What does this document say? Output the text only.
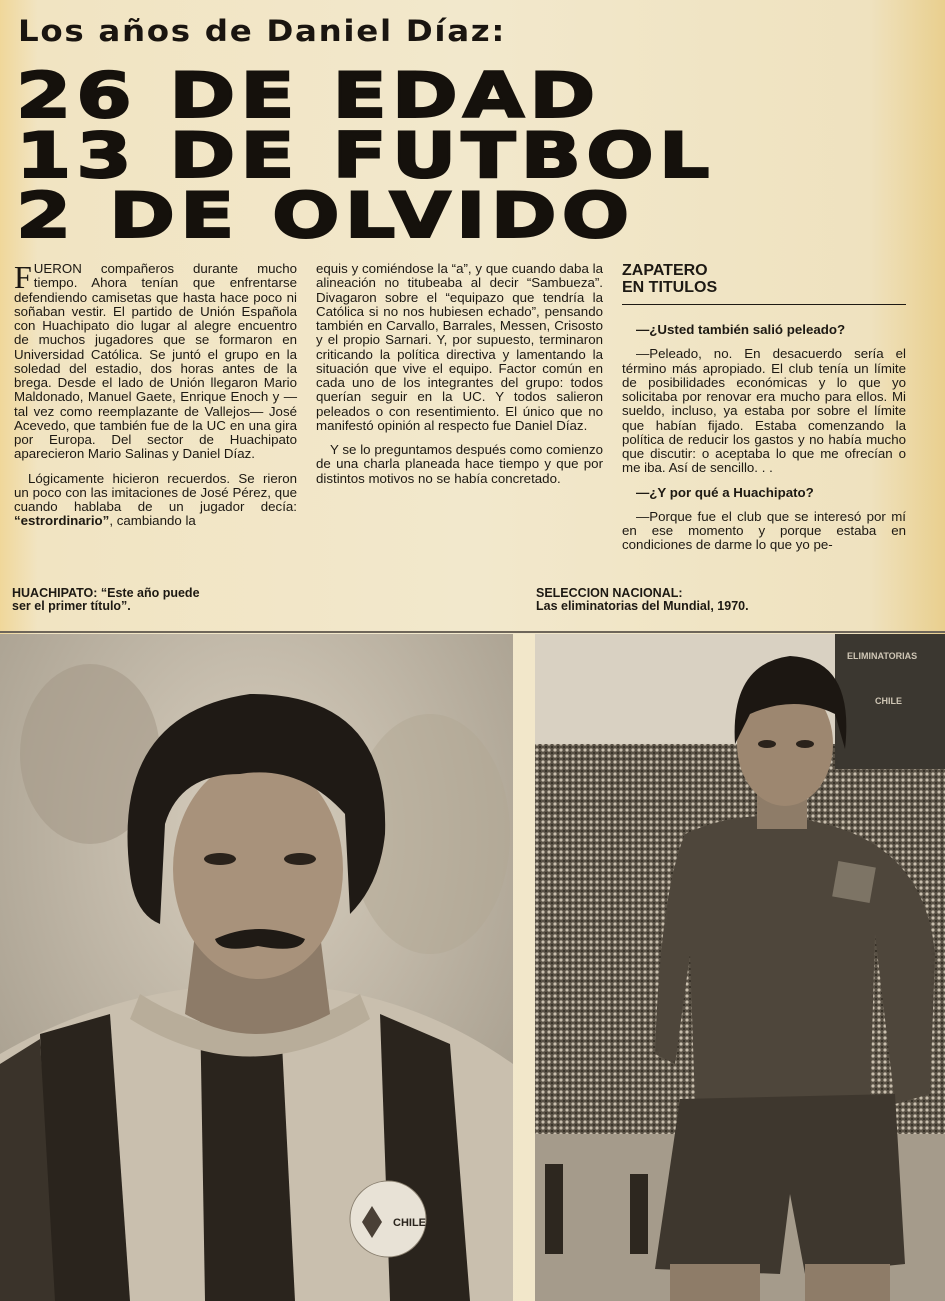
Los años de Daniel Díaz:
26 DE EDAD
13 DE FUTBOL
2 DE OLVIDO

FUERON compañeros durante mucho tiempo. Ahora tenían que enfrentarse defendiendo camisetas que hasta hace poco ni soñaban vestir. El partido de Unión Española con Huachipato dio lugar al alegre encuentro de muchos jugadores que se formaron en Universidad Católica. Se juntó el grupo en la soledad del estadio, dos horas antes de la brega. Desde el lado de Unión llegaron Mario Maldonado, Manuel Gaete, Enrique Enoch y —tal vez como reemplazante de Vallejos— José Acevedo, que también fue de la UC en una gira por Europa. Del sector de Huachipato aparecieron Mario Salinas y Daniel Díaz.

Lógicamente hicieron recuerdos. Se rieron un poco con las imitaciones de José Pérez, que cuando hablaba de un jugador decía: “estrordinario”, cambiando la

equis y comiéndose la “a”, y que cuando daba la alineación no titubeaba al decir “Sambueza”. Divagaron sobre el “equipazo que tendría la Católica si no nos hubiesen echado”, pensando también en Carvallo, Barrales, Messen, Crisosto y el propio Sarnari. Y, por supuesto, terminaron criticando la política directiva y lamentando la situación que vive el equipo. Factor común en cada uno de los integrantes del grupo: todos querían seguir en la UC. Y todos salieron peleados o con resentimiento. El único que no manifestó opinión al respecto fue Daniel Díaz.

Y se lo preguntamos después como comienzo de una charla planeada hace tiempo y que por distintos motivos no se había concretado.

ZAPATERO
EN TITULOS

—¿Usted también salió peleado?

—Peleado, no. En desacuerdo sería el término más apropiado. El club tenía un límite de posibilidades económicas y lo que yo solicitaba por renovar era mucho para ellos. Mi sueldo, incluso, ya estaba por sobre el límite que habían fijado. Estaba comenzando la política de reducir los gastos y no había mucho que discutir: o aceptaba lo que me ofrecían o me iba. Así de sencillo. . .

—¿Y por qué a Huachipato?

—Porque fue el club que se interesó por mí en ese momento y porque estaba en condiciones de darme lo que yo pe-

HUACHIPATO: “Este año puede
ser el primer título”.
SELECCION NACIONAL:
Las eliminatorias del Mundial, 1970.
CHILE
ELIMINATORIAS
CHILE
